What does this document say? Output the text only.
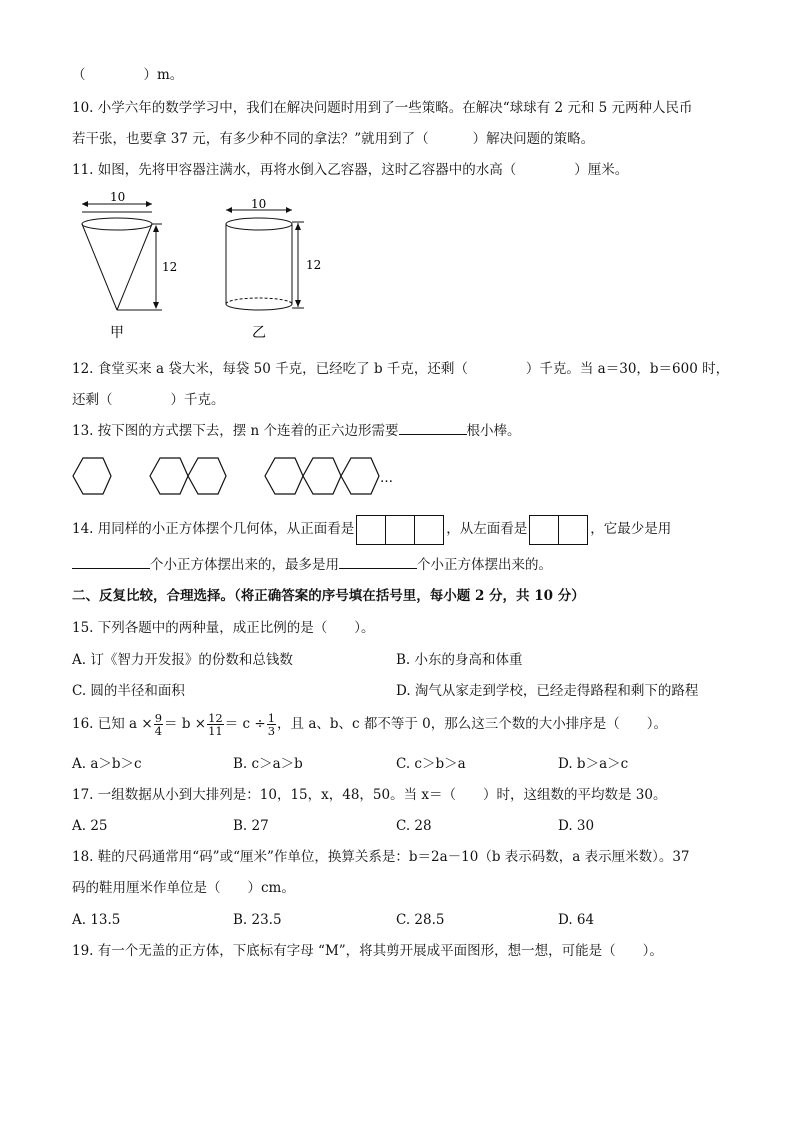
（	）m。
10. 小学六年的数学学习中，我们在解决问题时用到了一些策略。在解决“球球有 2 元和 5 元两种人民币
若干张，也要拿 37 元，有多少种不同的拿法？”就用到了（	）解决问题的策略。
11. 如图，先将甲容器注满水，再将水倒入乙容器，这时乙容器中的水高（	）厘米。
10
12
甲
10
12
乙
12. 食堂买来 a 袋大米，每袋 50 千克，已经吃了 b 千克，还剩（	）千克。当 a＝30，b＝600 时，
还剩（	）千克。
13. 按下图的方式摆下去，摆 n 个连着的正六边形需要	根小棒。
…
14. 用同样的小正方体摆个几何体，从正面看是	，从左面看是	，它最少是用
个小正方体摆出来的，最多是用	个小正方体摆出来的。
二、反复比较，合理选择。（将正确答案的序号填在括号里，每小题 2 分，共 10 分）
15. 下列各题中的两种量，成正比例的是（　　）。
A. 订《智力开发报》的份数和总钱数	B. 小东的身高和体重
C. 圆的半径和面积	D. 淘气从家走到学校，已经走得路程和剩下的路程
16. 已知 $a \times \frac{9}{4} = b \times \frac{12}{11} = c \div \frac{1}{3}$ ，且 a、b、c 都不等于 0，那么这三个数的大小排序是（　　）。
A. a＞b＞c	B. c＞a＞b	C. c＞b＞a	D. b＞a＞c
17. 一组数据从小到大排列是：10，15，x，48，50。当 x＝（　　）时，这组数的平均数是 30。
A. 25	B. 27	C. 28	D. 30
18. 鞋的尺码通常用“码”或“厘米”作单位，换算关系是：b＝2a－10（b 表示码数，a 表示厘米数）。37
码的鞋用厘米作单位是（　　）cm。
A. 13.5	B. 23.5	C. 28.5	D. 64
19. 有一个无盖的正方体，下底标有字母 “M”，将其剪开展成平面图形，想一想，可能是（　　）。
